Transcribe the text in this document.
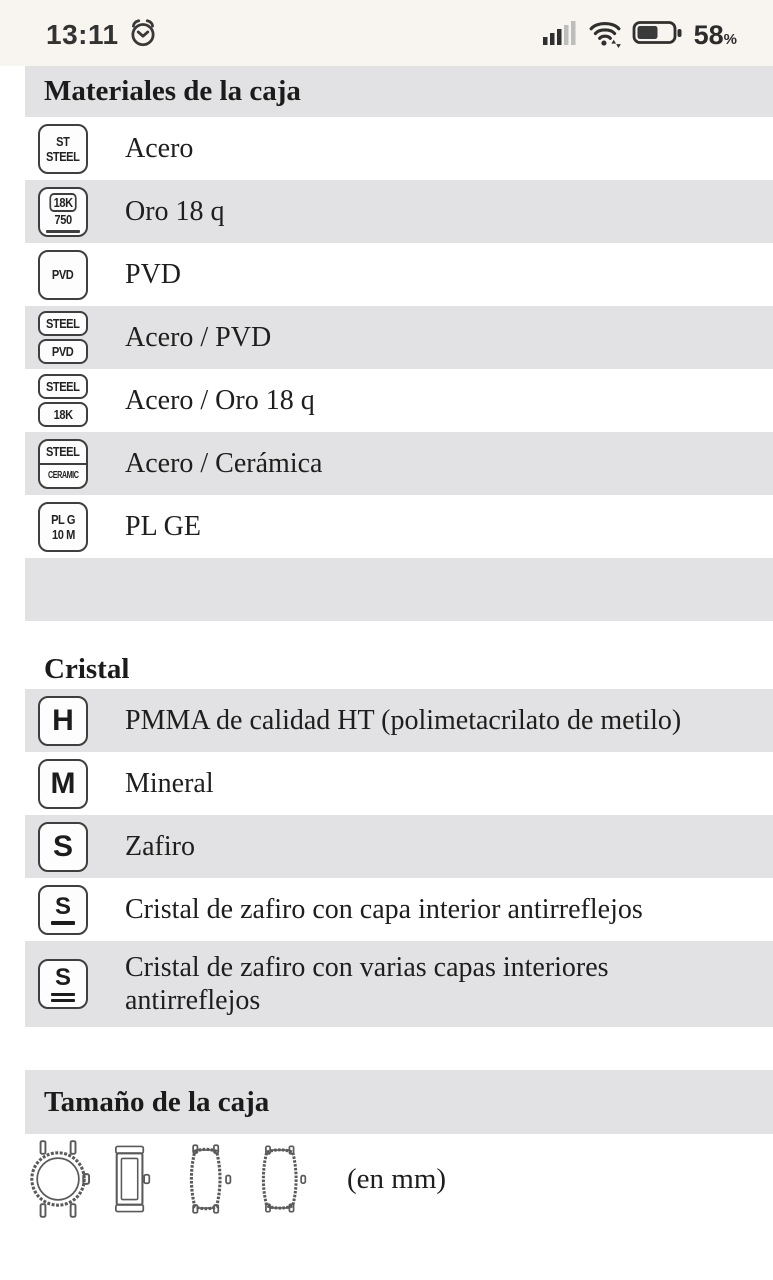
13:11	58%
Materiales de la caja
ST
STEEL Acero
18K
750 Oro 18 q
PVD PVD
STEEL
PVD Acero / PVD
STEEL
18K Acero / Oro 18 q
STEEL
CERAMIC Acero / Cerámica
PL G
10 M PL GE
Cristal
H PMMA de calidad HT (polimetacrilato de metilo)
M Mineral
S Zafiro
S Cristal de zafiro con capa interior antirreflejos
S Cristal de zafiro con varias capas interiores antirreflejos
Tamaño de la caja
(en mm)
